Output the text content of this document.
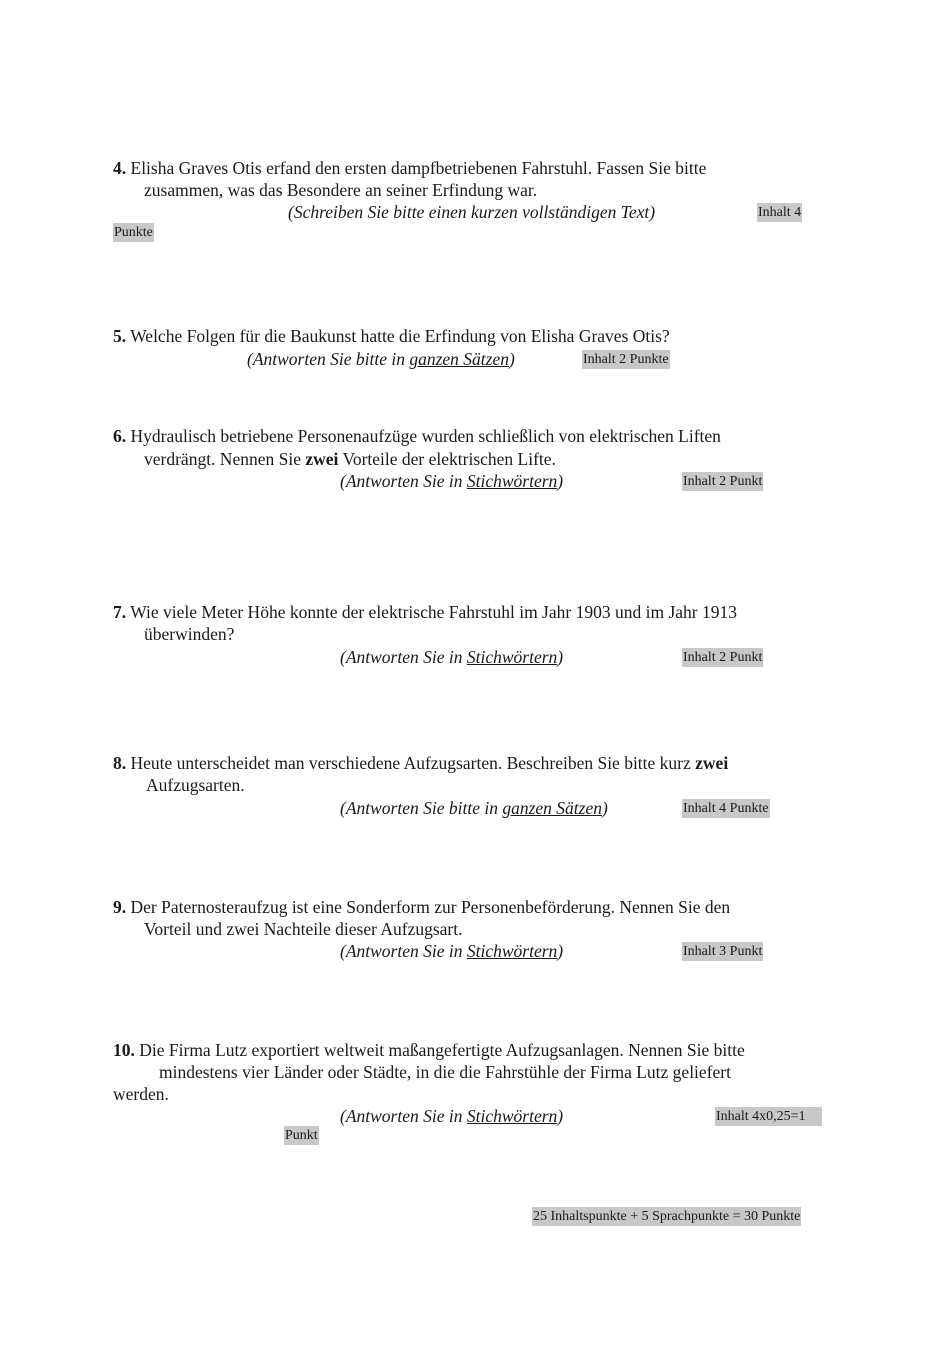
4. Elisha Graves Otis erfand den ersten dampfbetriebenen Fahrstuhl. Fassen Sie bitte
zusammen, was das Besondere an seiner Erfindung war.
(Schreiben Sie bitte einen kurzen vollständigen Text)	Inhalt 4
Punkte
5. Welche Folgen für die Baukunst hatte die Erfindung von Elisha Graves Otis?
(Antworten Sie bitte in ganzen Sätzen)	Inhalt 2 Punkte
6. Hydraulisch betriebene Personenaufzüge wurden schließlich von elektrischen Liften
verdrängt. Nennen Sie zwei Vorteile der elektrischen Lifte.
(Antworten Sie in Stichwörtern)	Inhalt 2 Punkt
7. Wie viele Meter Höhe konnte der elektrische Fahrstuhl im Jahr 1903 und im Jahr 1913
überwinden?
(Antworten Sie in Stichwörtern)	Inhalt 2 Punkt
8. Heute unterscheidet man verschiedene Aufzugsarten. Beschreiben Sie bitte kurz zwei
Aufzugsarten.
(Antworten Sie bitte in ganzen Sätzen)	Inhalt 4 Punkte
9. Der Paternosteraufzug ist eine Sonderform zur Personenbeförderung. Nennen Sie den
Vorteil und zwei Nachteile dieser Aufzugsart.
(Antworten Sie in Stichwörtern)	Inhalt 3 Punkt
10. Die Firma Lutz exportiert weltweit maßangefertigte Aufzugsanlagen. Nennen Sie bitte
mindestens vier Länder oder Städte, in die die Fahrstühle der Firma Lutz geliefert
werden.
(Antworten Sie in Stichwörtern)	Inhalt 4x0,25=1
Punkt
25 Inhaltspunkte + 5 Sprachpunkte = 30 Punkte
